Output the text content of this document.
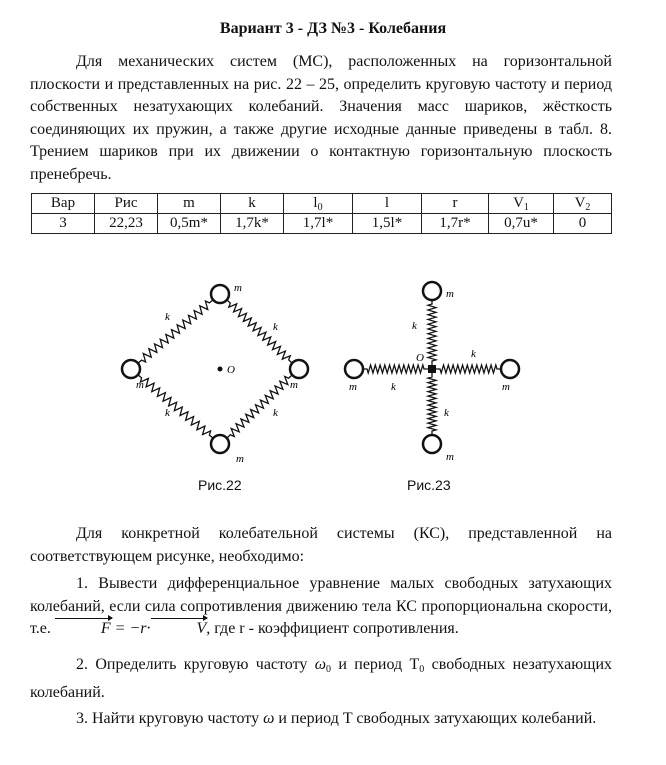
Вариант 3 - ДЗ №3 - Колебания

Для механических систем (МС), расположенных на горизонтальной плоскости и представленных на рис. 22 – 25, определить круговую частоту и период собственных незатухающих колебаний. Значения масс шариков, жёсткость соединяющих их пружин, а также другие исходные данные приведены в табл. 8. Трением шариков при их движении о контактную горизонтальную плоскость пренебречь.

Вар	Рис	m	k	$l_0$	l	r	$V_1$	$V_2$
3	22,23	0,5m*	1,7k*	1,7l*	1,5l*	1,7r*	0,7u*	0
m
m	m
m
k
k
k	k
O
m
m	m
m
k
k
k
k
O
Рис.22	Рис.23

Для конкретной колебательной системы (КС), представленной на соответствующем рисунке, необходимо:

1. Вывести дифференциальное уравнение малых свободных затухающих колебаний, если сила сопротивления движению тела КС пропорциональна скорости, т.е.	F = −r·	V, где r - коэффициент сопротивления.

2. Определить круговую частоту $\omega_0$ и период $T_0$ свободных незатухающих колебаний.

3. Найти круговую частоту ω и период T свободных затухающих колебаний.
